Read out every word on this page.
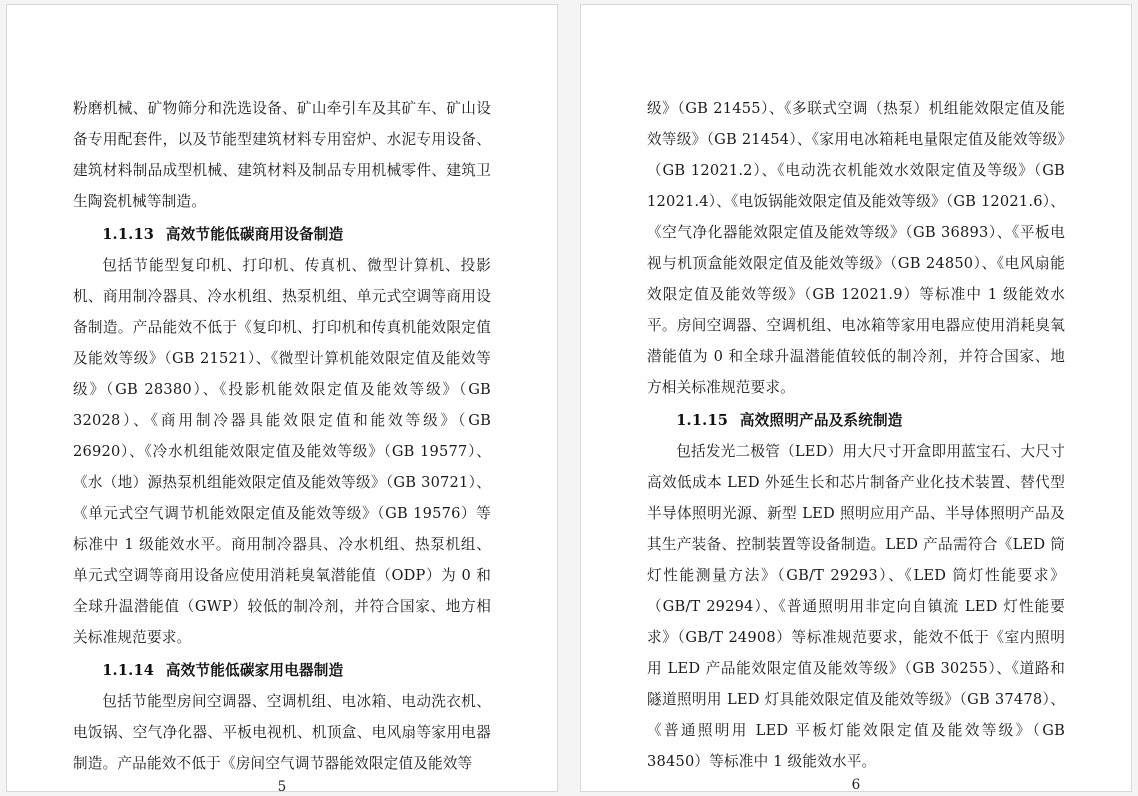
粉磨机械、矿物筛分和洗选设备、矿山牵引车及其矿车、矿山设备专用配套件，以及节能型建筑材料专用窑炉、水泥专用设备、建筑材料制品成型机械、建筑材料及制品专用机械零件、建筑卫生陶瓷机械等制造。

1.1.13 高效节能低碳商用设备制造

包括节能型复印机、打印机、传真机、微型计算机、投影机、商用制冷器具、冷水机组、热泵机组、单元式空调等商用设备制造。产品能效不低于《复印机、打印机和传真机能效限定值及能效等级》（GB 21521）、《微型计算机能效限定值及能效等级》（GB 28380）、《投影机能效限定值及能效等级》（GB 32028）、《商用制冷器具能效限定值和能效等级》（GB 26920）、《冷水机组能效限定值及能效等级》（GB 19577）、《水（地）源热泵机组能效限定值及能效等级》（GB 30721）、《单元式空气调节机能效限定值及能效等级》（GB 19576）等标准中 1 级能效水平。商用制冷器具、冷水机组、热泵机组、单元式空调等商用设备应使用消耗臭氧潜能值（ODP）为 0 和全球升温潜能值（GWP）较低的制冷剂，并符合国家、地方相关标准规范要求。

1.1.14 高效节能低碳家用电器制造

包括节能型房间空调器、空调机组、电冰箱、电动洗衣机、电饭锅、空气净化器、平板电视机、机顶盒、电风扇等家用电器制造。产品能效不低于《房间空气调节器能效限定值及能效等

5

级》（GB 21455）、《多联式空调（热泵）机组能效限定值及能效等级》（GB 21454）、《家用电冰箱耗电量限定值及能效等级》（GB 12021.2）、《电动洗衣机能效水效限定值及等级》（GB 12021.4）、《电饭锅能效限定值及能效等级》（GB 12021.6）、《空气净化器能效限定值及能效等级》（GB 36893）、《平板电视与机顶盒能效限定值及能效等级》（GB 24850）、《电风扇能效限定值及能效等级》（GB 12021.9）等标准中 1 级能效水平。房间空调器、空调机组、电冰箱等家用电器应使用消耗臭氧潜能值为 0 和全球升温潜能值较低的制冷剂，并符合国家、地方相关标准规范要求。

1.1.15 高效照明产品及系统制造

包括发光二极管（LED）用大尺寸开盒即用蓝宝石、大尺寸高效低成本 LED 外延生长和芯片制备产业化技术装置、替代型半导体照明光源、新型 LED 照明应用产品、半导体照明产品及其生产装备、控制装置等设备制造。LED 产品需符合《LED 筒灯性能测量方法》（GB/T 29293）、《LED 筒灯性能要求》（GB/T 29294）、《普通照明用非定向自镇流 LED 灯性能要求》（GB/T 24908）等标准规范要求，能效不低于《室内照明用 LED 产品能效限定值及能效等级》（GB 30255）、《道路和隧道照明用 LED 灯具能效限定值及能效等级》（GB 37478）、《普通照明用 LED 平板灯能效限定值及能效等级》（GB 38450）等标准中 1 级能效水平。

6
